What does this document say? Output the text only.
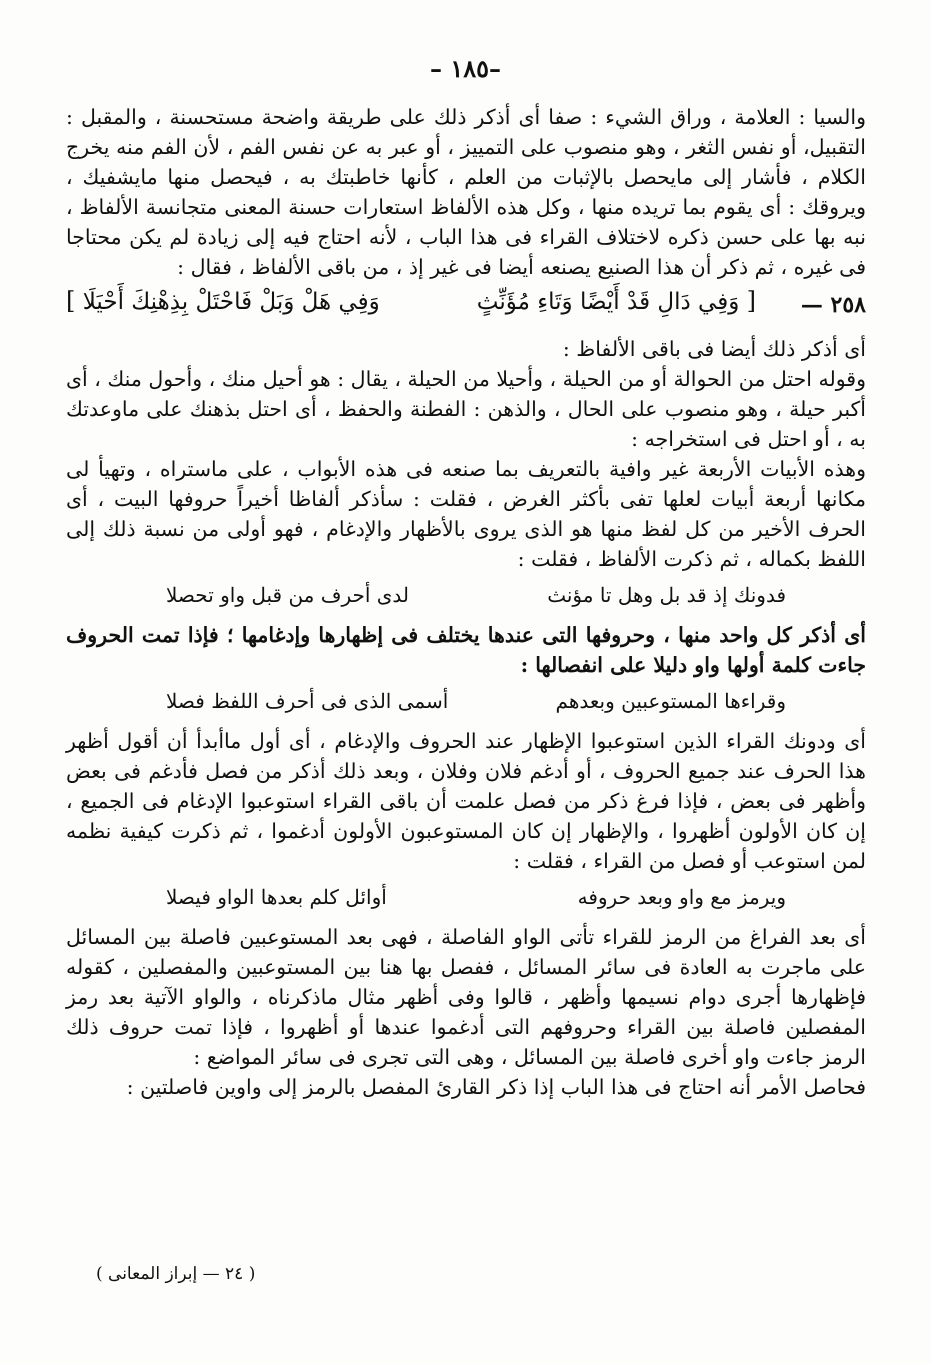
–١٨٥ –

والسيا : العلامة ، وراق الشيء : صفا أى أذكر ذلك على طريقة واضحة مستحسنة ، والمقبل : التقبيل، أو نفس الثغر ، وهو منصوب على التمييز ، أو عبر به عن نفس الفم ، لأن الفم منه يخرج الكلام ، فأشار إلى مايحصل بالإثبات من العلم ، كأنها خاطبتك به ، فيحصل منها مايشفيك ، ويروقك : أى يقوم بما تريده منها ، وكل هذه الألفاظ استعارات حسنة المعنى متجانسة الألفاظ ، نبه بها على حسن ذكره لاختلاف القراء فى هذا الباب ، لأنه احتاج فيه إلى زيادة لم يكن محتاجا فى غيره ، ثم ذكر أن هذا الصنيع يصنعه أيضا فى غير إذ ، من باقى الألفاظ ، فقال :

٢٥٨ —
[ وَفِي دَالِ قَدْ أَيْضًا وَتَاءِ مُؤَنِّثٍ
وَفِي هَلْ وَبَلْ فَاحْتَلْ بِذِهْنِكَ أَحْيَلَا ]

أى أذكر ذلك أيضا فى باقى الألفاظ :

وقوله احتل من الحوالة أو من الحيلة ، وأحيلا من الحيلة ، يقال : هو أحيل منك ، وأحول منك ، أى أكبر حيلة ، وهو منصوب على الحال ، والذهن : الفطنة والحفظ ، أى احتل بذهنك على ماوعدتك به ، أو احتل فى استخراجه :

وهذه الأبيات الأربعة غير وافية بالتعريف بما صنعه فى هذه الأبواب ، على ماستراه ، وتهيأ لى مكانها أربعة أبيات لعلها تفى بأكثر الغرض ، فقلت : سأذكر ألفاظا أخيراً حروفها البيت ، أى الحرف الأخير من كل لفظ منها هو الذى يروى بالأظهار والإدغام ، فهو أولى من نسبة ذلك إلى اللفظ بكماله ، ثم ذكرت الألفاظ ، فقلت :

فدونك إذ قد بل وهل تا مؤنث
لدى أحرف من قبل واو تحصلا

أى أذكر كل واحد منها ، وحروفها التى عندها يختلف فى إظهارها وإدغامها ؛ فإذا تمت الحروف جاءت كلمة أولها واو دليلا على انفصالها :

وقراءها المستوعبين وبعدهم
أسمى الذى فى أحرف اللفظ فصلا

أى ودونك القراء الذين استوعبوا الإظهار عند الحروف والإدغام ، أى أول ماأبدأ أن أقول أظهر هذا الحرف عند جميع الحروف ، أو أدغم فلان وفلان ، وبعد ذلك أذكر من فصل فأدغم فى بعض وأظهر فى بعض ، فإذا فرغ ذكر من فصل علمت أن باقى القراء استوعبوا الإدغام فى الجميع ، إن كان الأولون أظهروا ، والإظهار إن كان المستوعبون الأولون أدغموا ، ثم ذكرت كيفية نظمه لمن استوعب أو فصل من القراء ، فقلت :

ويرمز مع واو وبعد حروفه
أوائل كلم بعدها الواو فيصلا

أى بعد الفراغ من الرمز للقراء تأتى الواو الفاصلة ، فهى بعد المستوعبين فاصلة بين المسائل على ماجرت به العادة فى سائر المسائل ، ففصل بها هنا بين المستوعبين والمفصلين ، كقوله فإظهارها أجرى دوام نسيمها وأظهر ، قالوا وفى أظهر مثال ماذكرناه ، والواو الآتية بعد رمز المفصلين فاصلة بين القراء وحروفهم التى أدغموا عندها أو أظهروا ، فإذا تمت حروف ذلك الرمز جاءت واو أخرى فاصلة بين المسائل ، وهى التى تجرى فى سائر المواضع :

فحاصل الأمر أنه احتاج فى هذا الباب إذا ذكر القارئ المفصل بالرمز إلى واوين فاصلتين :

( ٢٤ — إبراز المعانى )
